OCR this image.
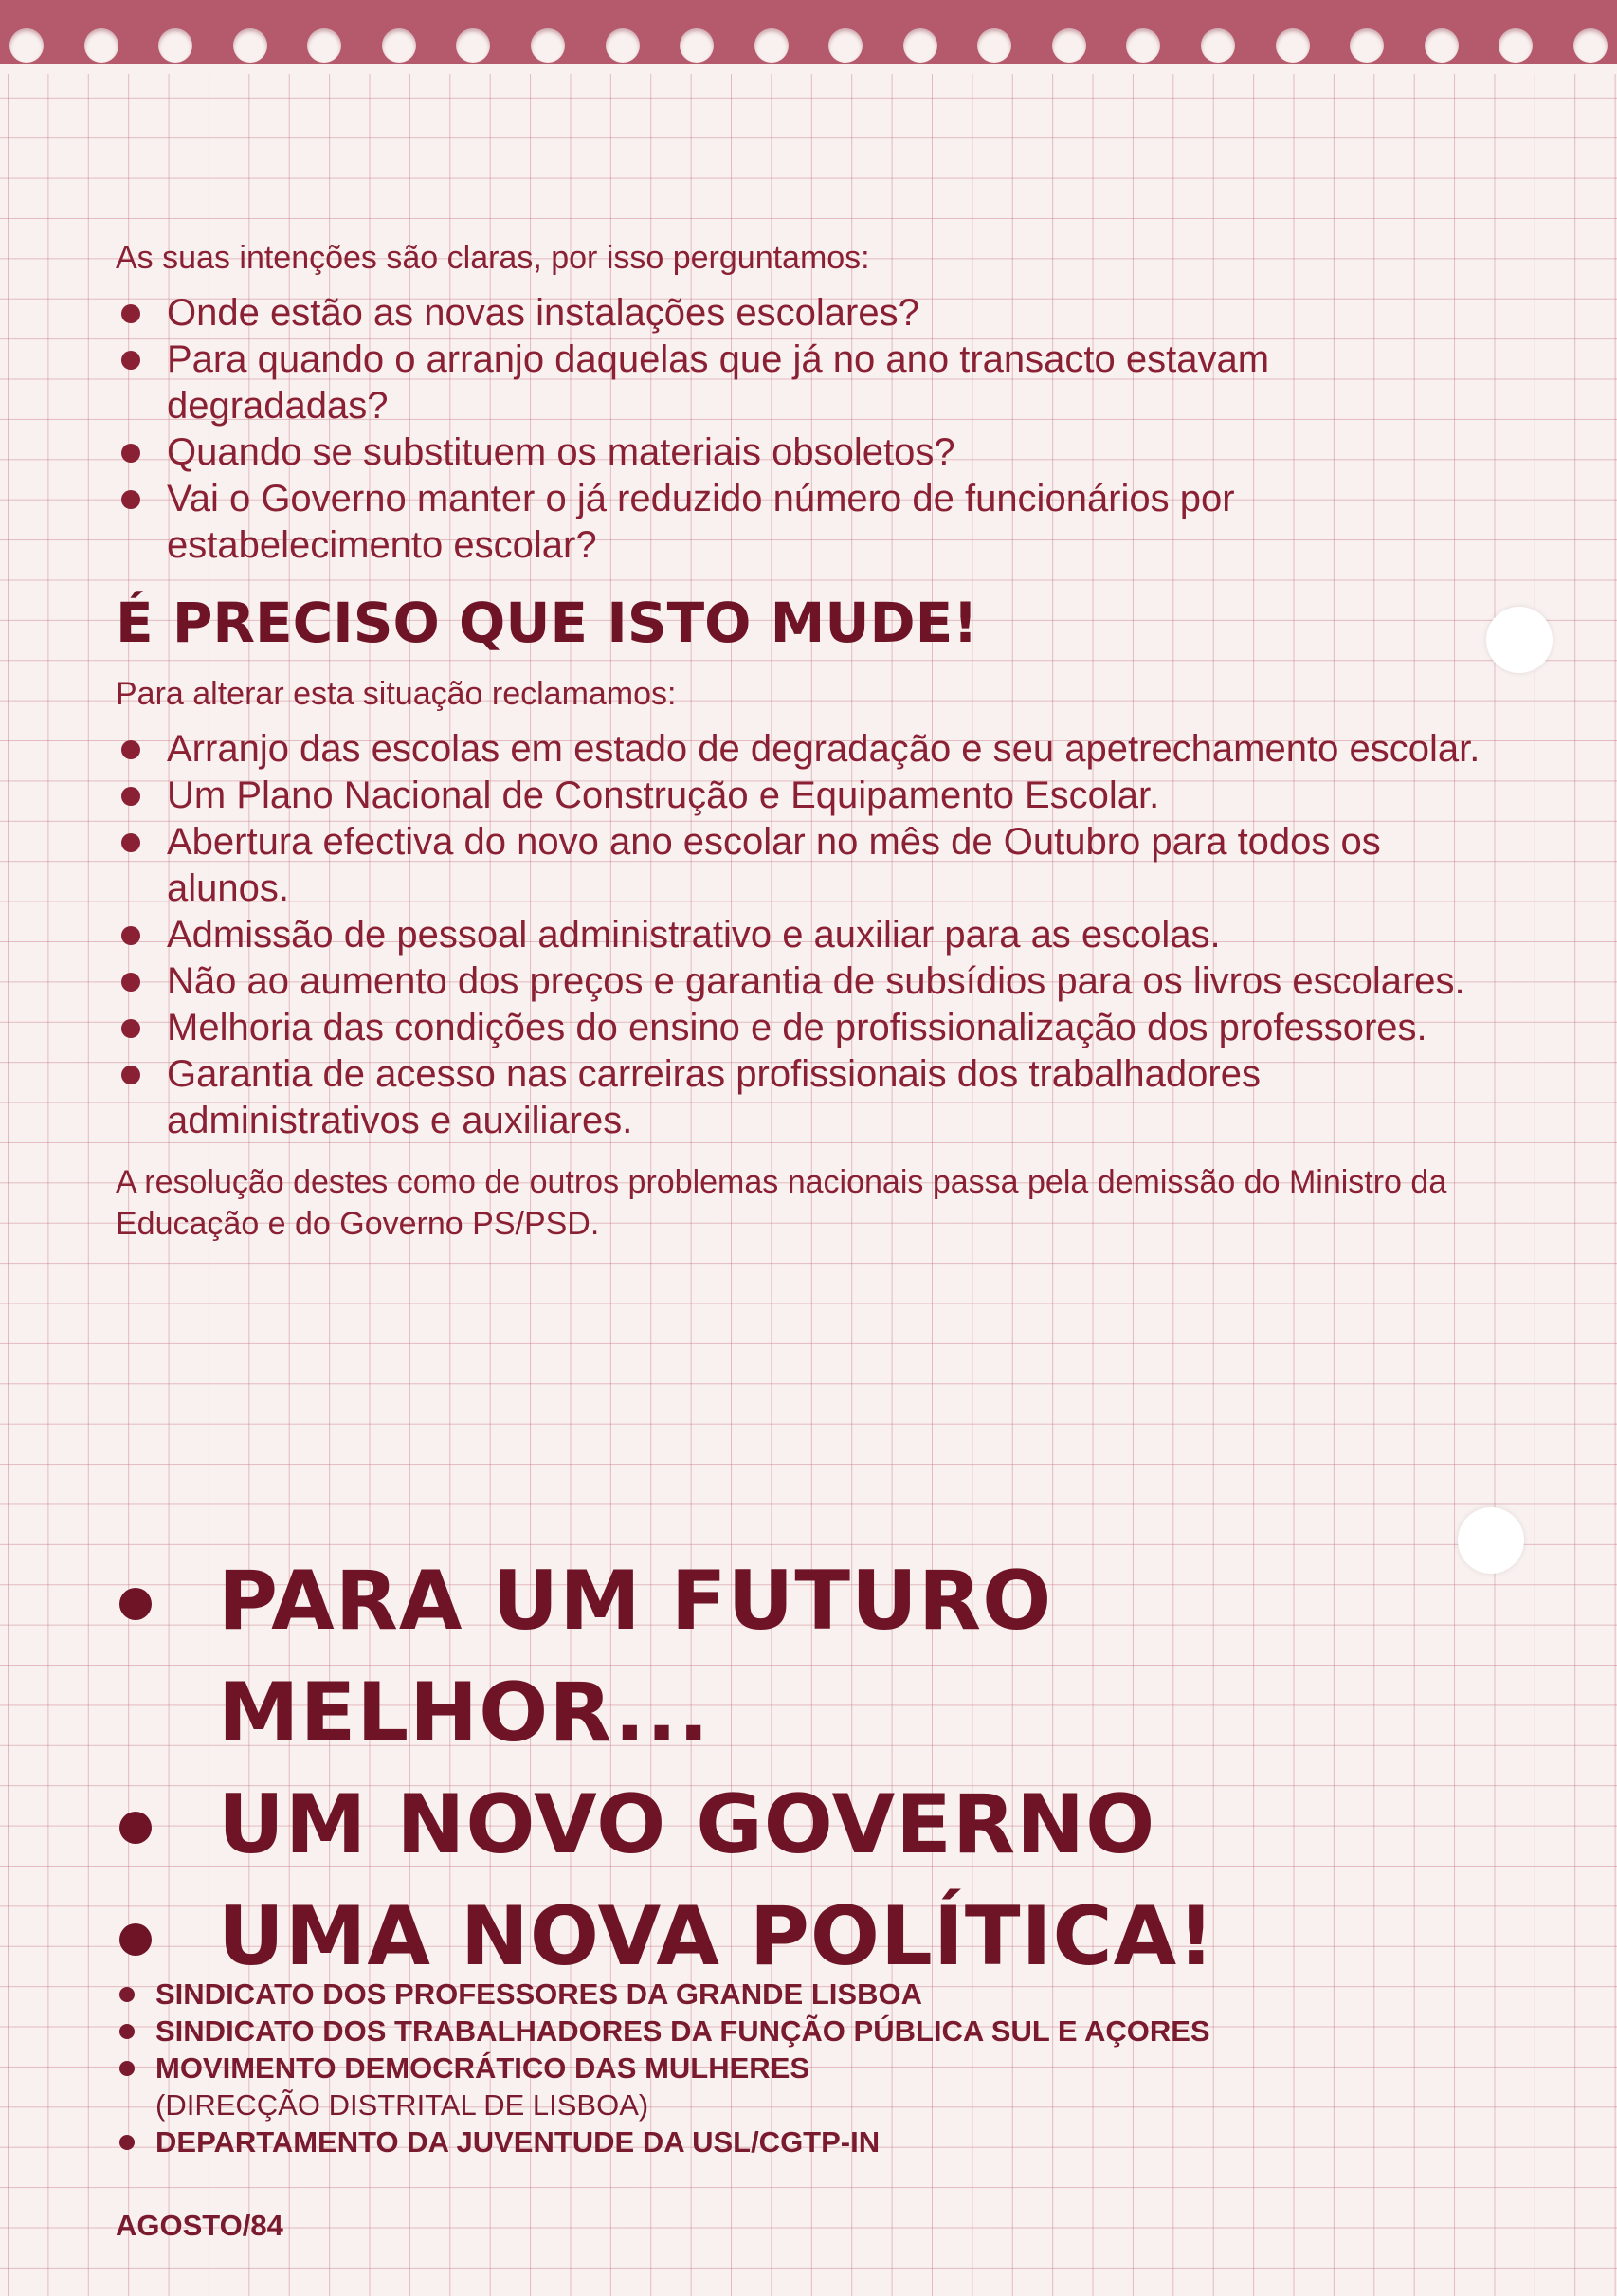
As suas intenções são claras, por isso perguntamos:

Onde estão as novas instalações escolares?
Para quando o arranjo daquelas que já no ano transacto estavam degradadas?
Quando se substituem os materiais obsoletos?
Vai o Governo manter o já reduzido número de funcionários por estabelecimento escolar?
É PRECISO QUE ISTO MUDE!

Para alterar esta situação reclamamos:

Arranjo das escolas em estado de degradação e seu apetrechamento escolar.
Um Plano Nacional de Construção e Equipamento Escolar.
Abertura efectiva do novo ano escolar no mês de Outubro para todos os alunos.
Admissão de pessoal administrativo e auxiliar para as escolas.
Não ao aumento dos preços e garantia de subsídios para os livros escolares.
Melhoria das condições do ensino e de profissionalização dos professores.
Garantia de acesso nas carreiras profissionais dos trabalhadores administrativos e auxiliares.

A resolução destes como de outros problemas nacionais passa pela demissão do Ministro da Educação e do Governo PS/PSD.

PARA UM FUTURO MELHOR...
UM NOVO GOVERNO
UMA NOVA POLÍTICA!
SINDICATO DOS PROFESSORES DA GRANDE LISBOA
SINDICATO DOS TRABALHADORES DA FUNÇÃO PÚBLICA SUL E AÇORES
MOVIMENTO DEMOCRÁTICO DAS MULHERES
(DIRECÇÃO DISTRITAL DE LISBOA)
DEPARTAMENTO DA JUVENTUDE DA USL/CGTP-IN
AGOSTO/84
